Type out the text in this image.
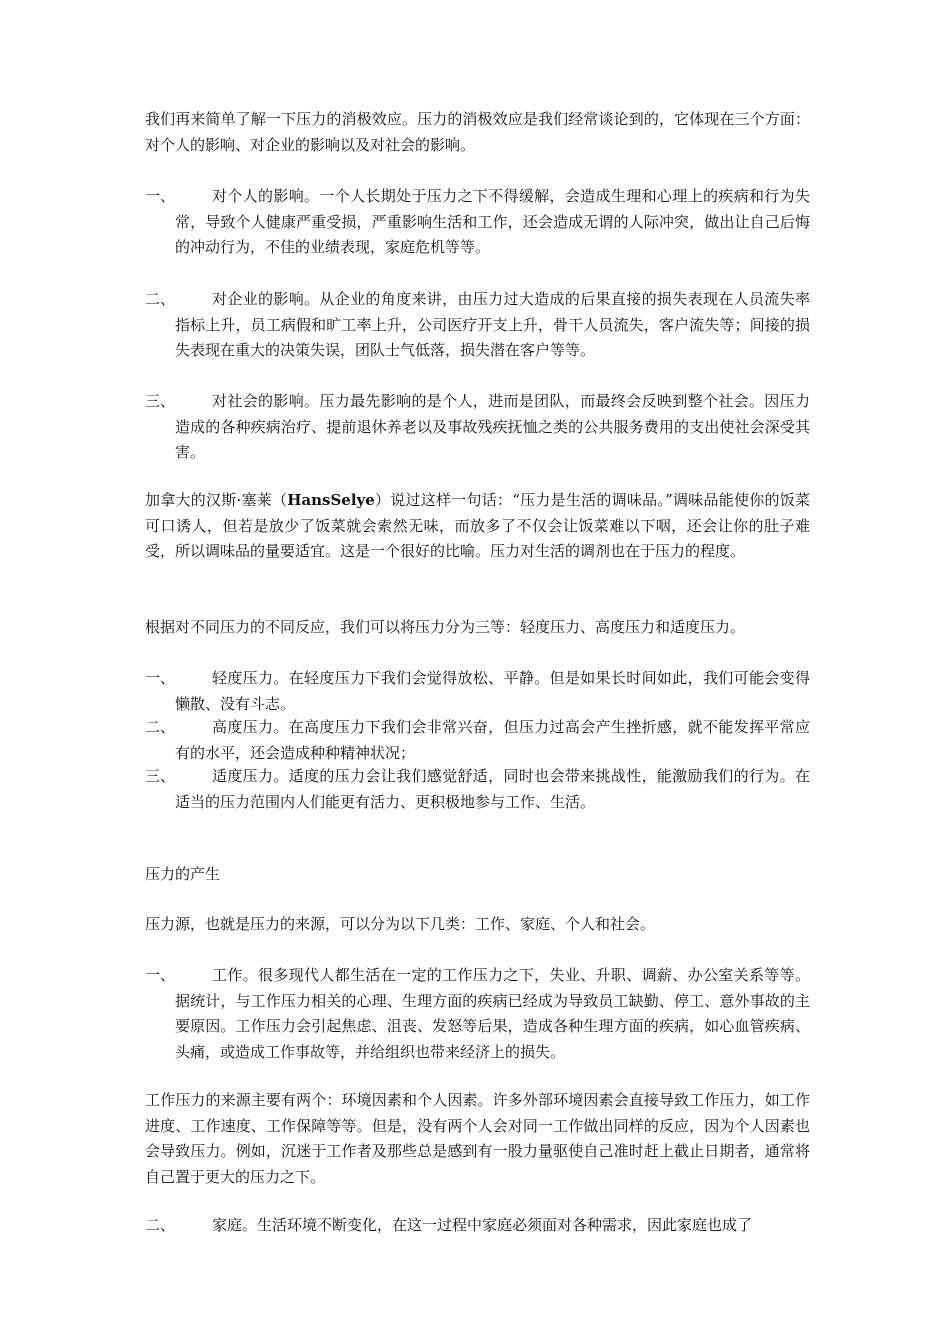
我们再来简单了解一下压力的消极效应。压力的消极效应是我们经常谈论到的，它体现在三个方面：对个人的影响、对企业的影响以及对社会的影响。

一、	对个人的影响。一个人长期处于压力之下不得缓解，会造成生理和心理上的疾病和行为失常，导致个人健康严重受损，严重影响生活和工作，还会造成无谓的人际冲突，做出让自己后悔的冲动行为，不佳的业绩表现，家庭危机等等。
二、	对企业的影响。从企业的角度来讲，由压力过大造成的后果直接的损失表现在人员流失率指标上升，员工病假和旷工率上升，公司医疗开支上升，骨干人员流失，客户流失等；间接的损失表现在重大的决策失误，团队士气低落，损失潜在客户等等。
三、	对社会的影响。压力最先影响的是个人，进而是团队，而最终会反映到整个社会。因压力造成的各种疾病治疗、提前退休养老以及事故残疾抚恤之类的公共服务费用的支出使社会深受其害。

加拿大的汉斯·塞莱（HansSelye）说过这样一句话：“压力是生活的调味品。”调味品能使你的饭菜可口诱人，但若是放少了饭菜就会索然无味，而放多了不仅会让饭菜难以下咽，还会让你的肚子难受，所以调味品的量要适宜。这是一个很好的比喻。压力对生活的调剂也在于压力的程度。

根据对不同压力的不同反应，我们可以将压力分为三等：轻度压力、高度压力和适度压力。

一、	轻度压力。在轻度压力下我们会觉得放松、平静。但是如果长时间如此，我们可能会变得懒散、没有斗志。
二、	高度压力。在高度压力下我们会非常兴奋，但压力过高会产生挫折感，就不能发挥平常应有的水平，还会造成种种精神状况；
三、	适度压力。适度的压力会让我们感觉舒适，同时也会带来挑战性，能激励我们的行为。在适当的压力范围内人们能更有活力、更积极地参与工作、生活。

压力的产生

压力源，也就是压力的来源，可以分为以下几类：工作、家庭、个人和社会。

一、	工作。很多现代人都生活在一定的工作压力之下，失业、升职、调薪、办公室关系等等。据统计，与工作压力相关的心理、生理方面的疾病已经成为导致员工缺勤、停工、意外事故的主要原因。工作压力会引起焦虑、沮丧、发怒等后果，造成各种生理方面的疾病，如心血管疾病、头痛，或造成工作事故等，并给组织也带来经济上的损失。

工作压力的来源主要有两个：环境因素和个人因素。许多外部环境因素会直接导致工作压力，如工作进度、工作速度、工作保障等等。但是，没有两个人会对同一工作做出同样的反应，因为个人因素也会导致压力。例如，沉迷于工作者及那些总是感到有一股力量驱使自己准时赶上截止日期者，通常将自己置于更大的压力之下。

二、	家庭。生活环境不断变化，在这一过程中家庭必须面对各种需求，因此家庭也成了
